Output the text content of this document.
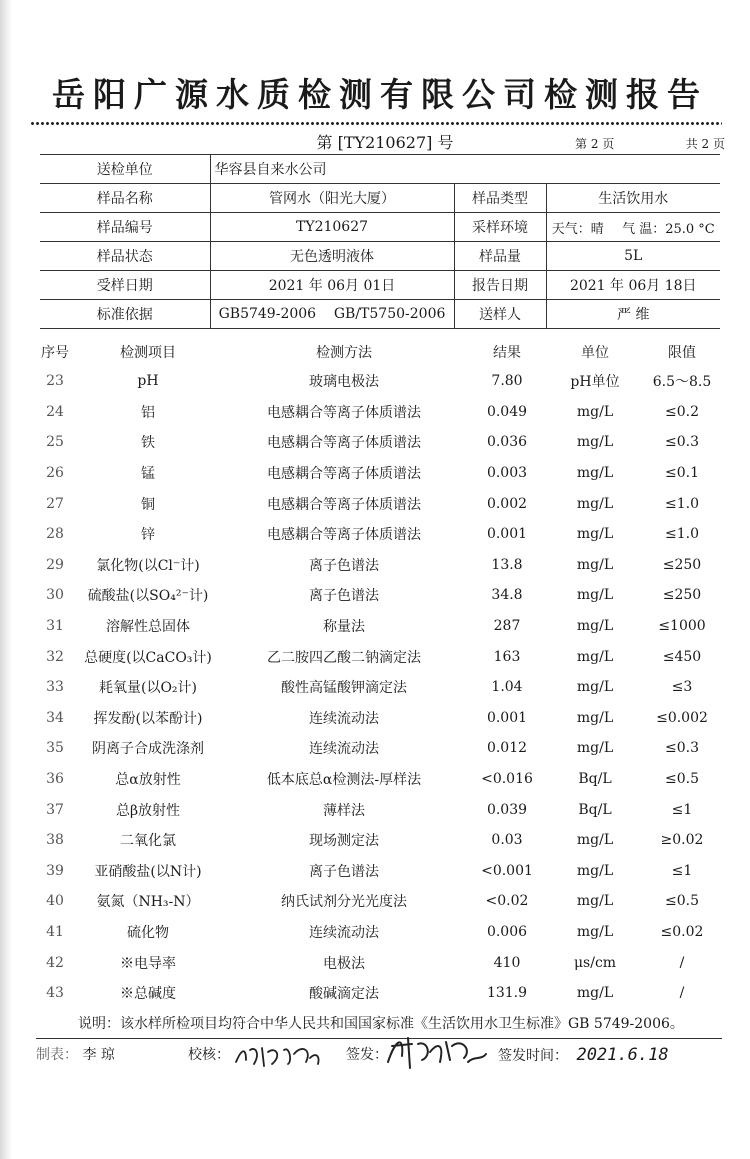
岳阳广源水质检测有限公司检测报告
第 [TY210627] 号	第 2 页	共 2 页
送检单位	华容县自来水公司		
样品名称	管网水（阳光大厦）	样品类型	生活饮用水
样品编号	TY210627	采样环境	天气：晴 气 温：25.0 °C
样品状态	无色透明液体	样品量	5L
受样日期	2021 年 06月 01日	报告日期	2021 年 06月 18日
标准依据	GB5749-2006    GB/T5750-2006	送样人	严 维
序号	检测项目	检测方法	结果	单位	限值
23	pH	玻璃电极法	7.80	pH单位	6.5～8.5
24	铝	电感耦合等离子体质谱法	0.049	mg/L	≤0.2
25	铁	电感耦合等离子体质谱法	0.036	mg/L	≤0.3
26	锰	电感耦合等离子体质谱法	0.003	mg/L	≤0.1
27	铜	电感耦合等离子体质谱法	0.002	mg/L	≤1.0
28	锌	电感耦合等离子体质谱法	0.001	mg/L	≤1.0
29	氯化物(以Cl⁻计)	离子色谱法	13.8	mg/L	≤250
30	硫酸盐(以SO₄²⁻计)	离子色谱法	34.8	mg/L	≤250
31	溶解性总固体	称量法	287	mg/L	≤1000
32	总硬度(以CaCO₃计)	乙二胺四乙酸二钠滴定法	163	mg/L	≤450
33	耗氧量(以O₂计)	酸性高锰酸钾滴定法	1.04	mg/L	≤3
34	挥发酚(以苯酚计)	连续流动法	0.001	mg/L	≤0.002
35	阴离子合成洗涤剂	连续流动法	0.012	mg/L	≤0.3
36	总α放射性	低本底总α检测法-厚样法	<0.016	Bq/L	≤0.5
37	总β放射性	薄样法	0.039	Bq/L	≤1
38	二氧化氯	现场测定法	0.03	mg/L	≥0.02
39	亚硝酸盐(以N计)	离子色谱法	<0.001	mg/L	≤1
40	氨氮（NH₃-N）	纳氏试剂分光光度法	<0.02	mg/L	≤0.5
41	硫化物	连续流动法	0.006	mg/L	≤0.02
42	※电导率	电极法	410	μs/cm	/
43	※总碱度	酸碱滴定法	131.9	mg/L	/
说明：该水样所检项目均符合中华人民共和国国家标准《生活饮用水卫生标准》GB 5749-2006。
制表： 李 琼	校核：	签发：	签发时间： 2021.6.18
